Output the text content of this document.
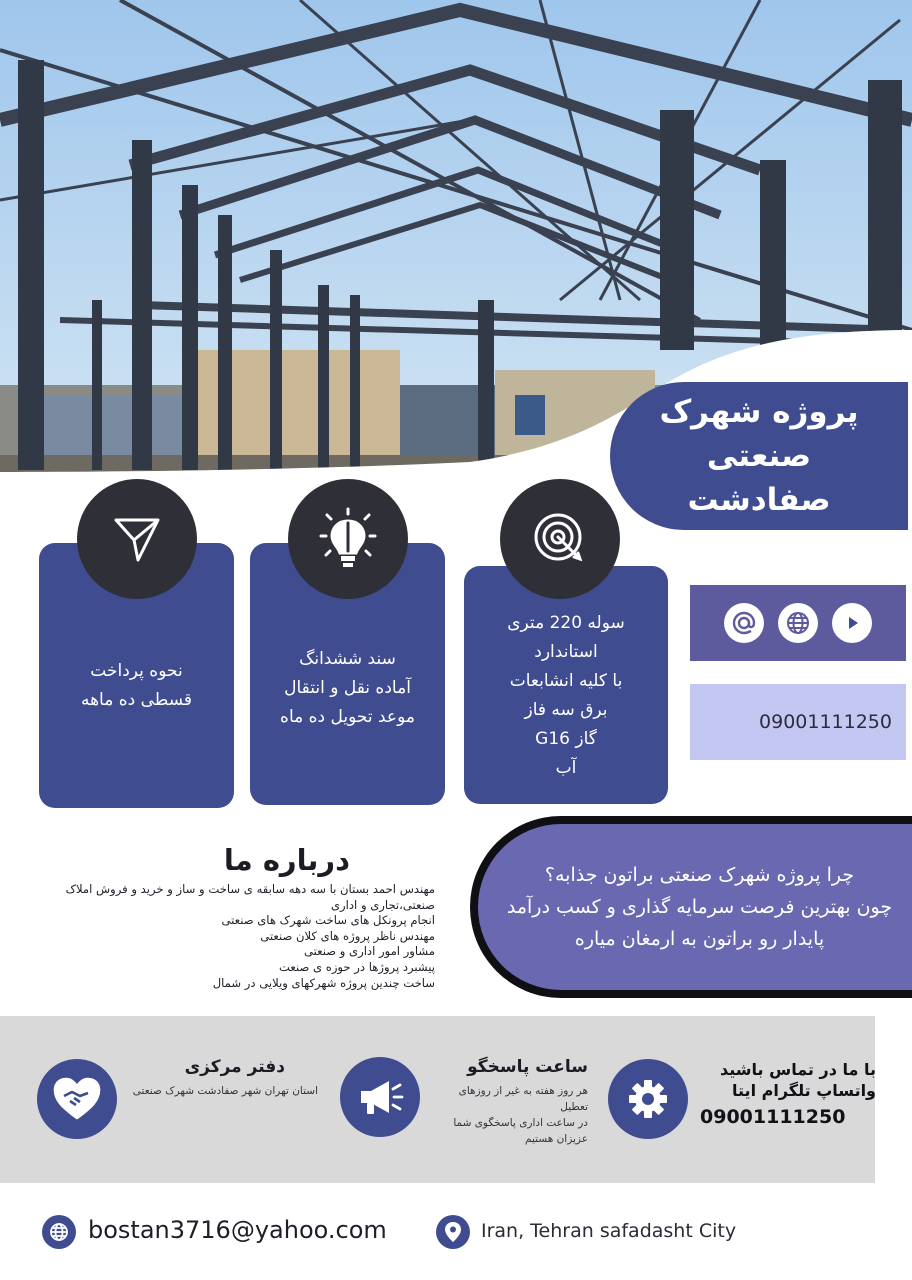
پروژه شهرک صنعتی
صفادشت
نحوه پرداخت
قسطی ده ماهه
سند ششدانگ
آماده نقل و انتقال
موعد تحویل ده ماه
سوله 220 متری
استاندارد
با کلیه انشابعات
برق سه فاز
گاز G16
آب
09001111250
چرا پروژه شهرک صنعتی براتون جذابه؟
چون بهترین فرصت سرمایه گذاری و کسب درآمد
پایدار رو براتون به ارمغان میاره
درباره ما
مهندس احمد بستان با سه دهه سابقه ی ساخت و ساز و خرید و فروش املاک صنعتی،تجاری و اداری
انجام پرونکل های ساخت شهرک های صنعتی
مهندس ناظر پروژه های کلان صنعتی
مشاور امور اداری و صنعتی
پیشبرد پروژها در حوزه ی صنعت
ساخت چندین پروژه شهرکهای ویلایی در شمال
دفتر مرکزی
استان تهران شهر صفادشت شهرک صنعتی
ساعت پاسخگو
هر روز هفته به غیر از روزهای تعطیل
در ساعت اداری پاسخگوی شما عزیزان هستیم
با ما در تماس باشید
واتساپ تلگرام ایتا
09001111250
bostan3716@yahoo.com	Iran, Tehran safadasht City
